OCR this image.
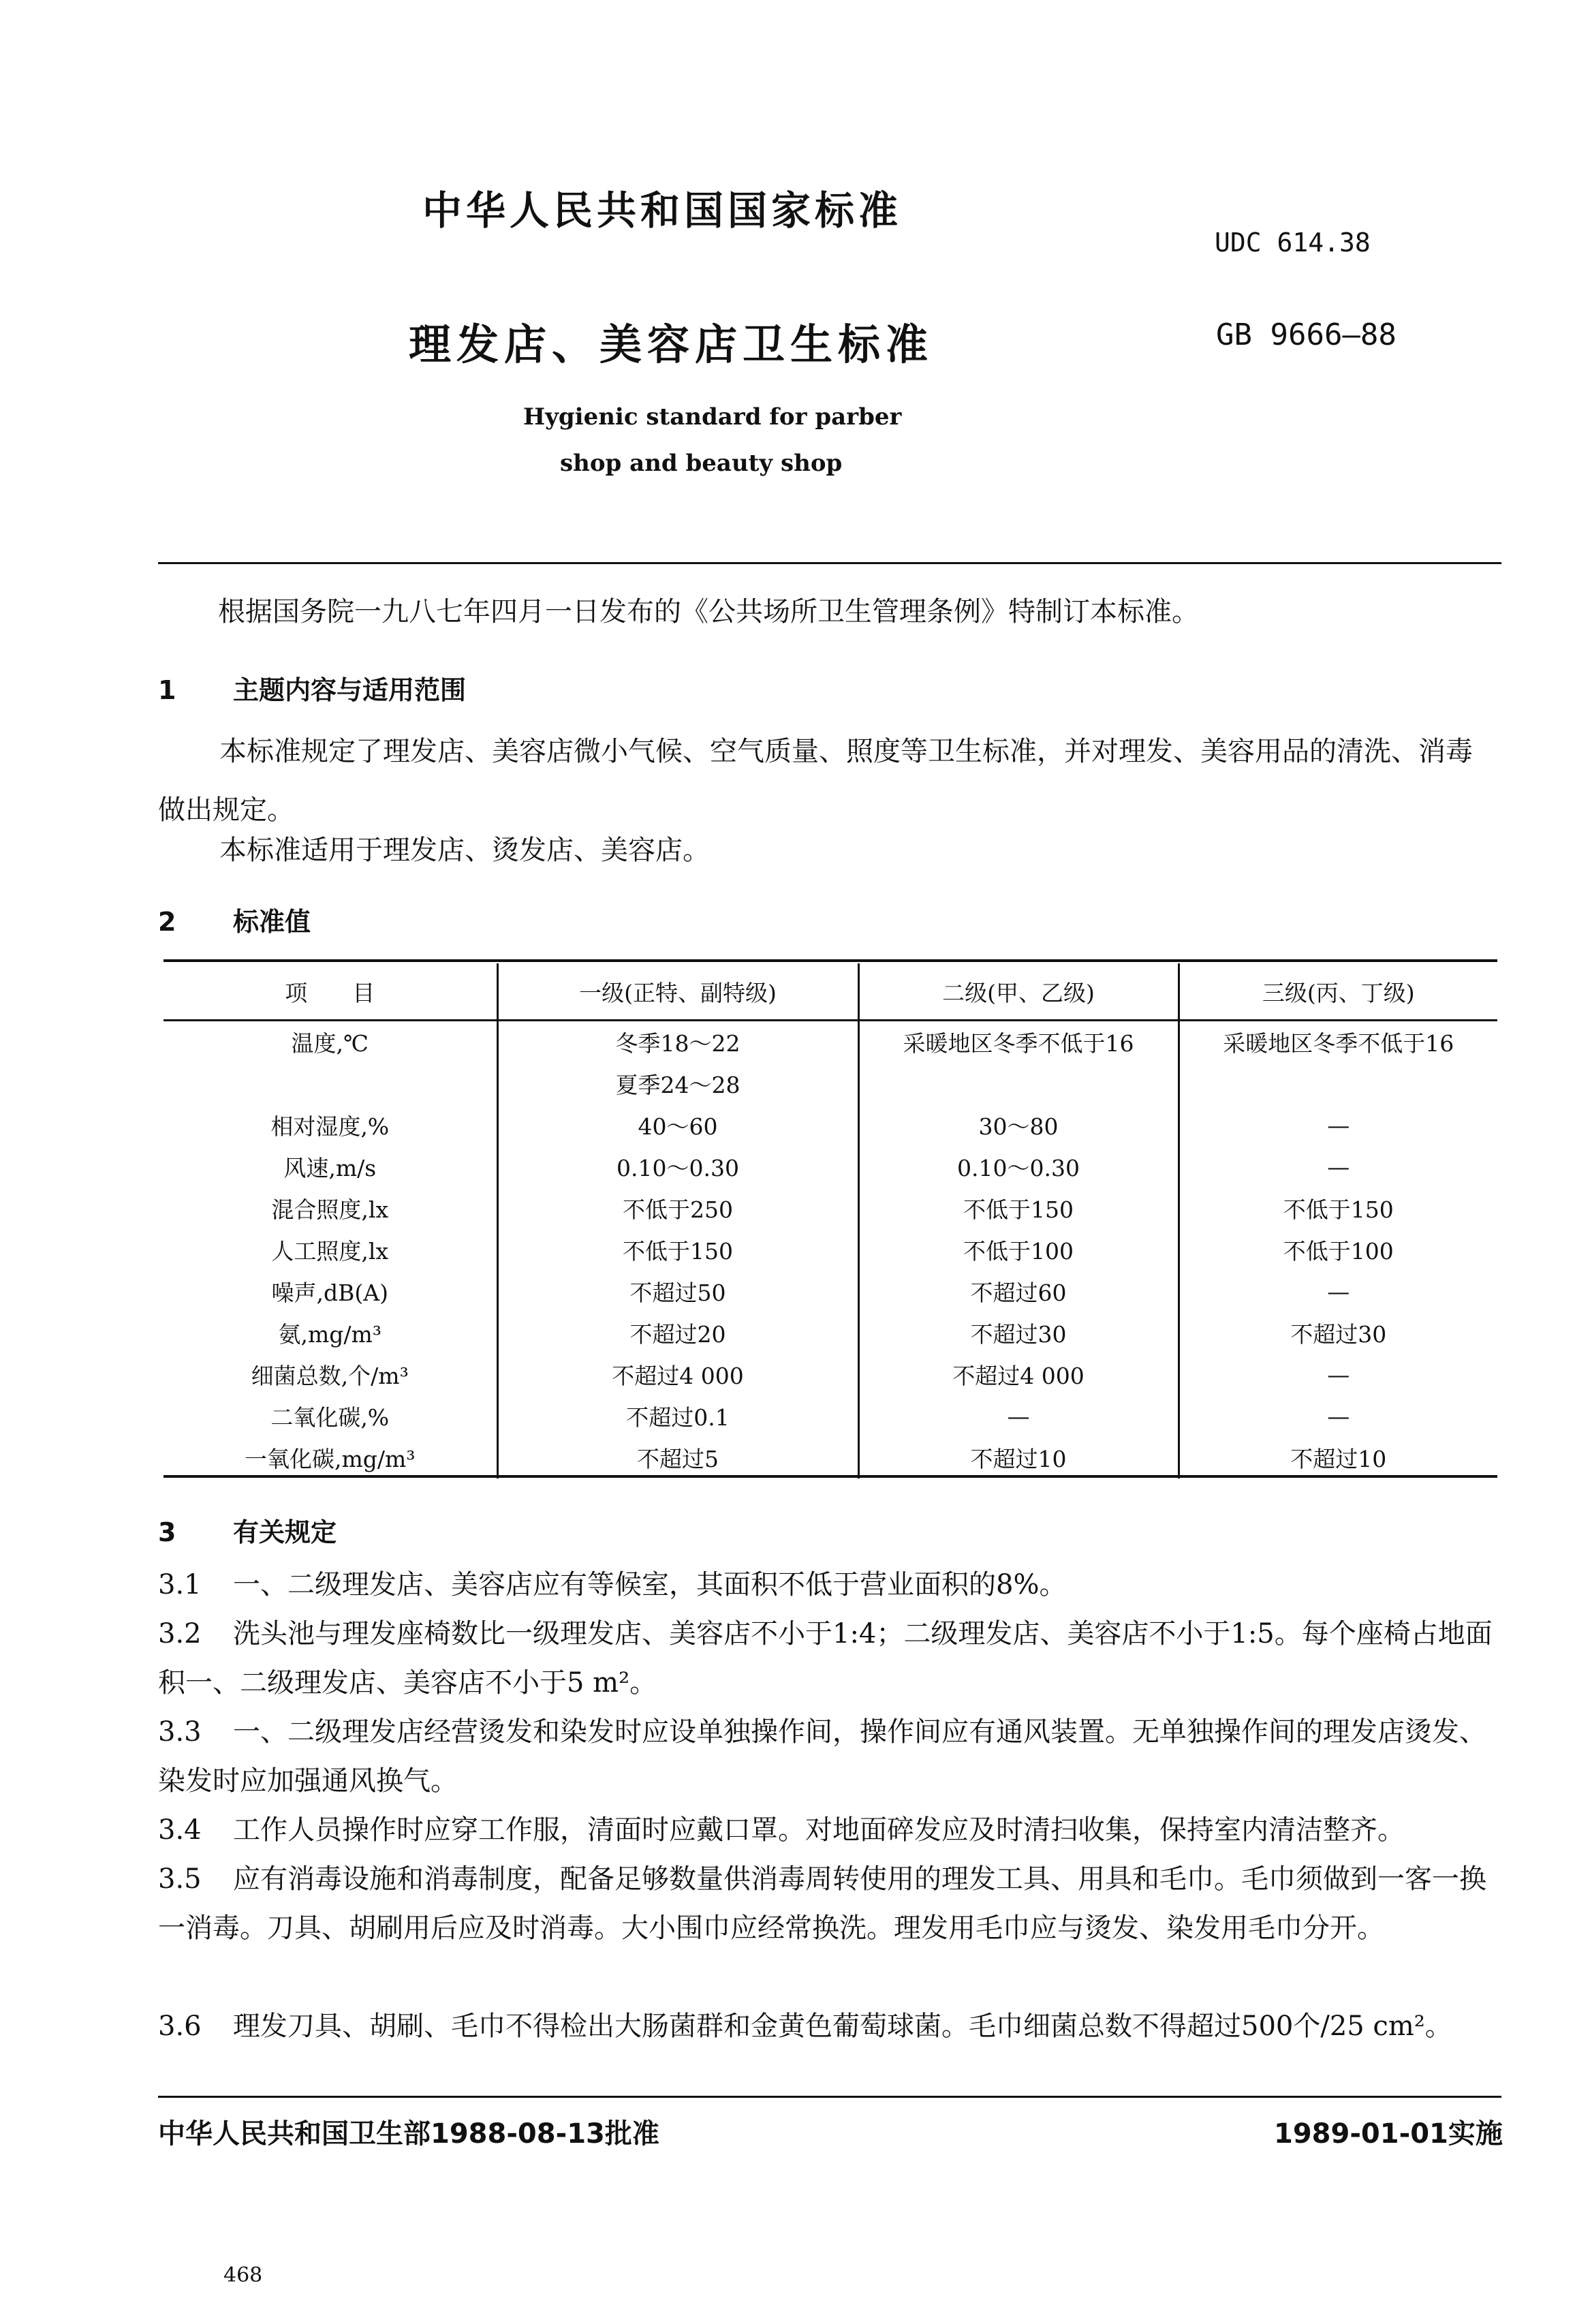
中华人民共和国国家标准
UDC 614.38
理发店、美容店卫生标准	GB 9666—88
Hygienic standard for parber
shop and beauty shop

根据国务院一九八七年四月一日发布的《公共场所卫生管理条例》特制订本标准。

1 主题内容与适用范围

本标准规定了理发店、美容店微小气候、空气质量、照度等卫生标准，并对理发、美容用品的清洗、消毒做出规定。

本标准适用于理发店、烫发店、美容店。

2 标准值
项　　目	一级(正特、副特级)	二级(甲、乙级)	三级(丙、丁级)
温度,℃	冬季18～22	采暖地区冬季不低于16	采暖地区冬季不低于16
	夏季24～28		
相对湿度,%	40～60	30～80	—
风速,m/s	0.10～0.30	0.10～0.30	—
混合照度,lx	不低于250	不低于150	不低于150
人工照度,lx	不低于150	不低于100	不低于100
噪声,dB(A)	不超过50	不超过60	—
氨,mg/m³	不超过20	不超过30	不超过30
细菌总数,个/m³	不超过4 000	不超过4 000	—
二氧化碳,%	不超过0.1	—	—
一氧化碳,mg/m³	不超过5	不超过10	不超过10
3 有关规定

3.1 一、二级理发店、美容店应有等候室，其面积不低于营业面积的8%。

3.2 洗头池与理发座椅数比一级理发店、美容店不小于1:4；二级理发店、美容店不小于1:5。每个座椅占地面积一、二级理发店、美容店不小于5 m²。

3.3 一、二级理发店经营烫发和染发时应设单独操作间，操作间应有通风装置。无单独操作间的理发店烫发、染发时应加强通风换气。

3.4 工作人员操作时应穿工作服，清面时应戴口罩。对地面碎发应及时清扫收集，保持室内清洁整齐。

3.5 应有消毒设施和消毒制度，配备足够数量供消毒周转使用的理发工具、用具和毛巾。毛巾须做到一客一换一消毒。刀具、胡刷用后应及时消毒。大小围巾应经常换洗。理发用毛巾应与烫发、染发用毛巾分开。

3.6 理发刀具、胡刷、毛巾不得检出大肠菌群和金黄色葡萄球菌。毛巾细菌总数不得超过500个/25 cm²。

中华人民共和国卫生部1988-08-13批准	1989-01-01实施
468
